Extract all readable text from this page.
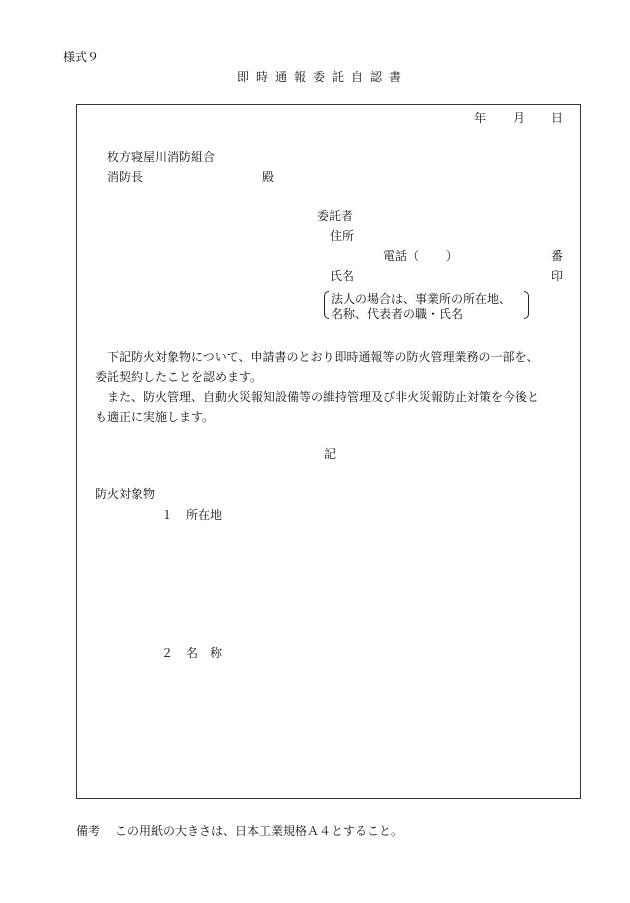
様式９
即時通報委託自認書
年 月 日
枚方寝屋川消防組合
消防長	殿
委託者
住所
電話（ ）	番
氏名	印
法人の場合は、事業所の所在地、
名称、代表者の職・氏名
下記防火対象物について、申請書のとおり即時通報等の防火管理業務の一部を、
委託契約したことを認めます。
また、防火管理、自動火災報知設備等の維持管理及び非火災報防止対策を今後と
も適正に実施します。
記
防火対象物
１ 所在地
２ 名　称
備考 この用紙の大きさは、日本工業規格Ａ４とすること。
